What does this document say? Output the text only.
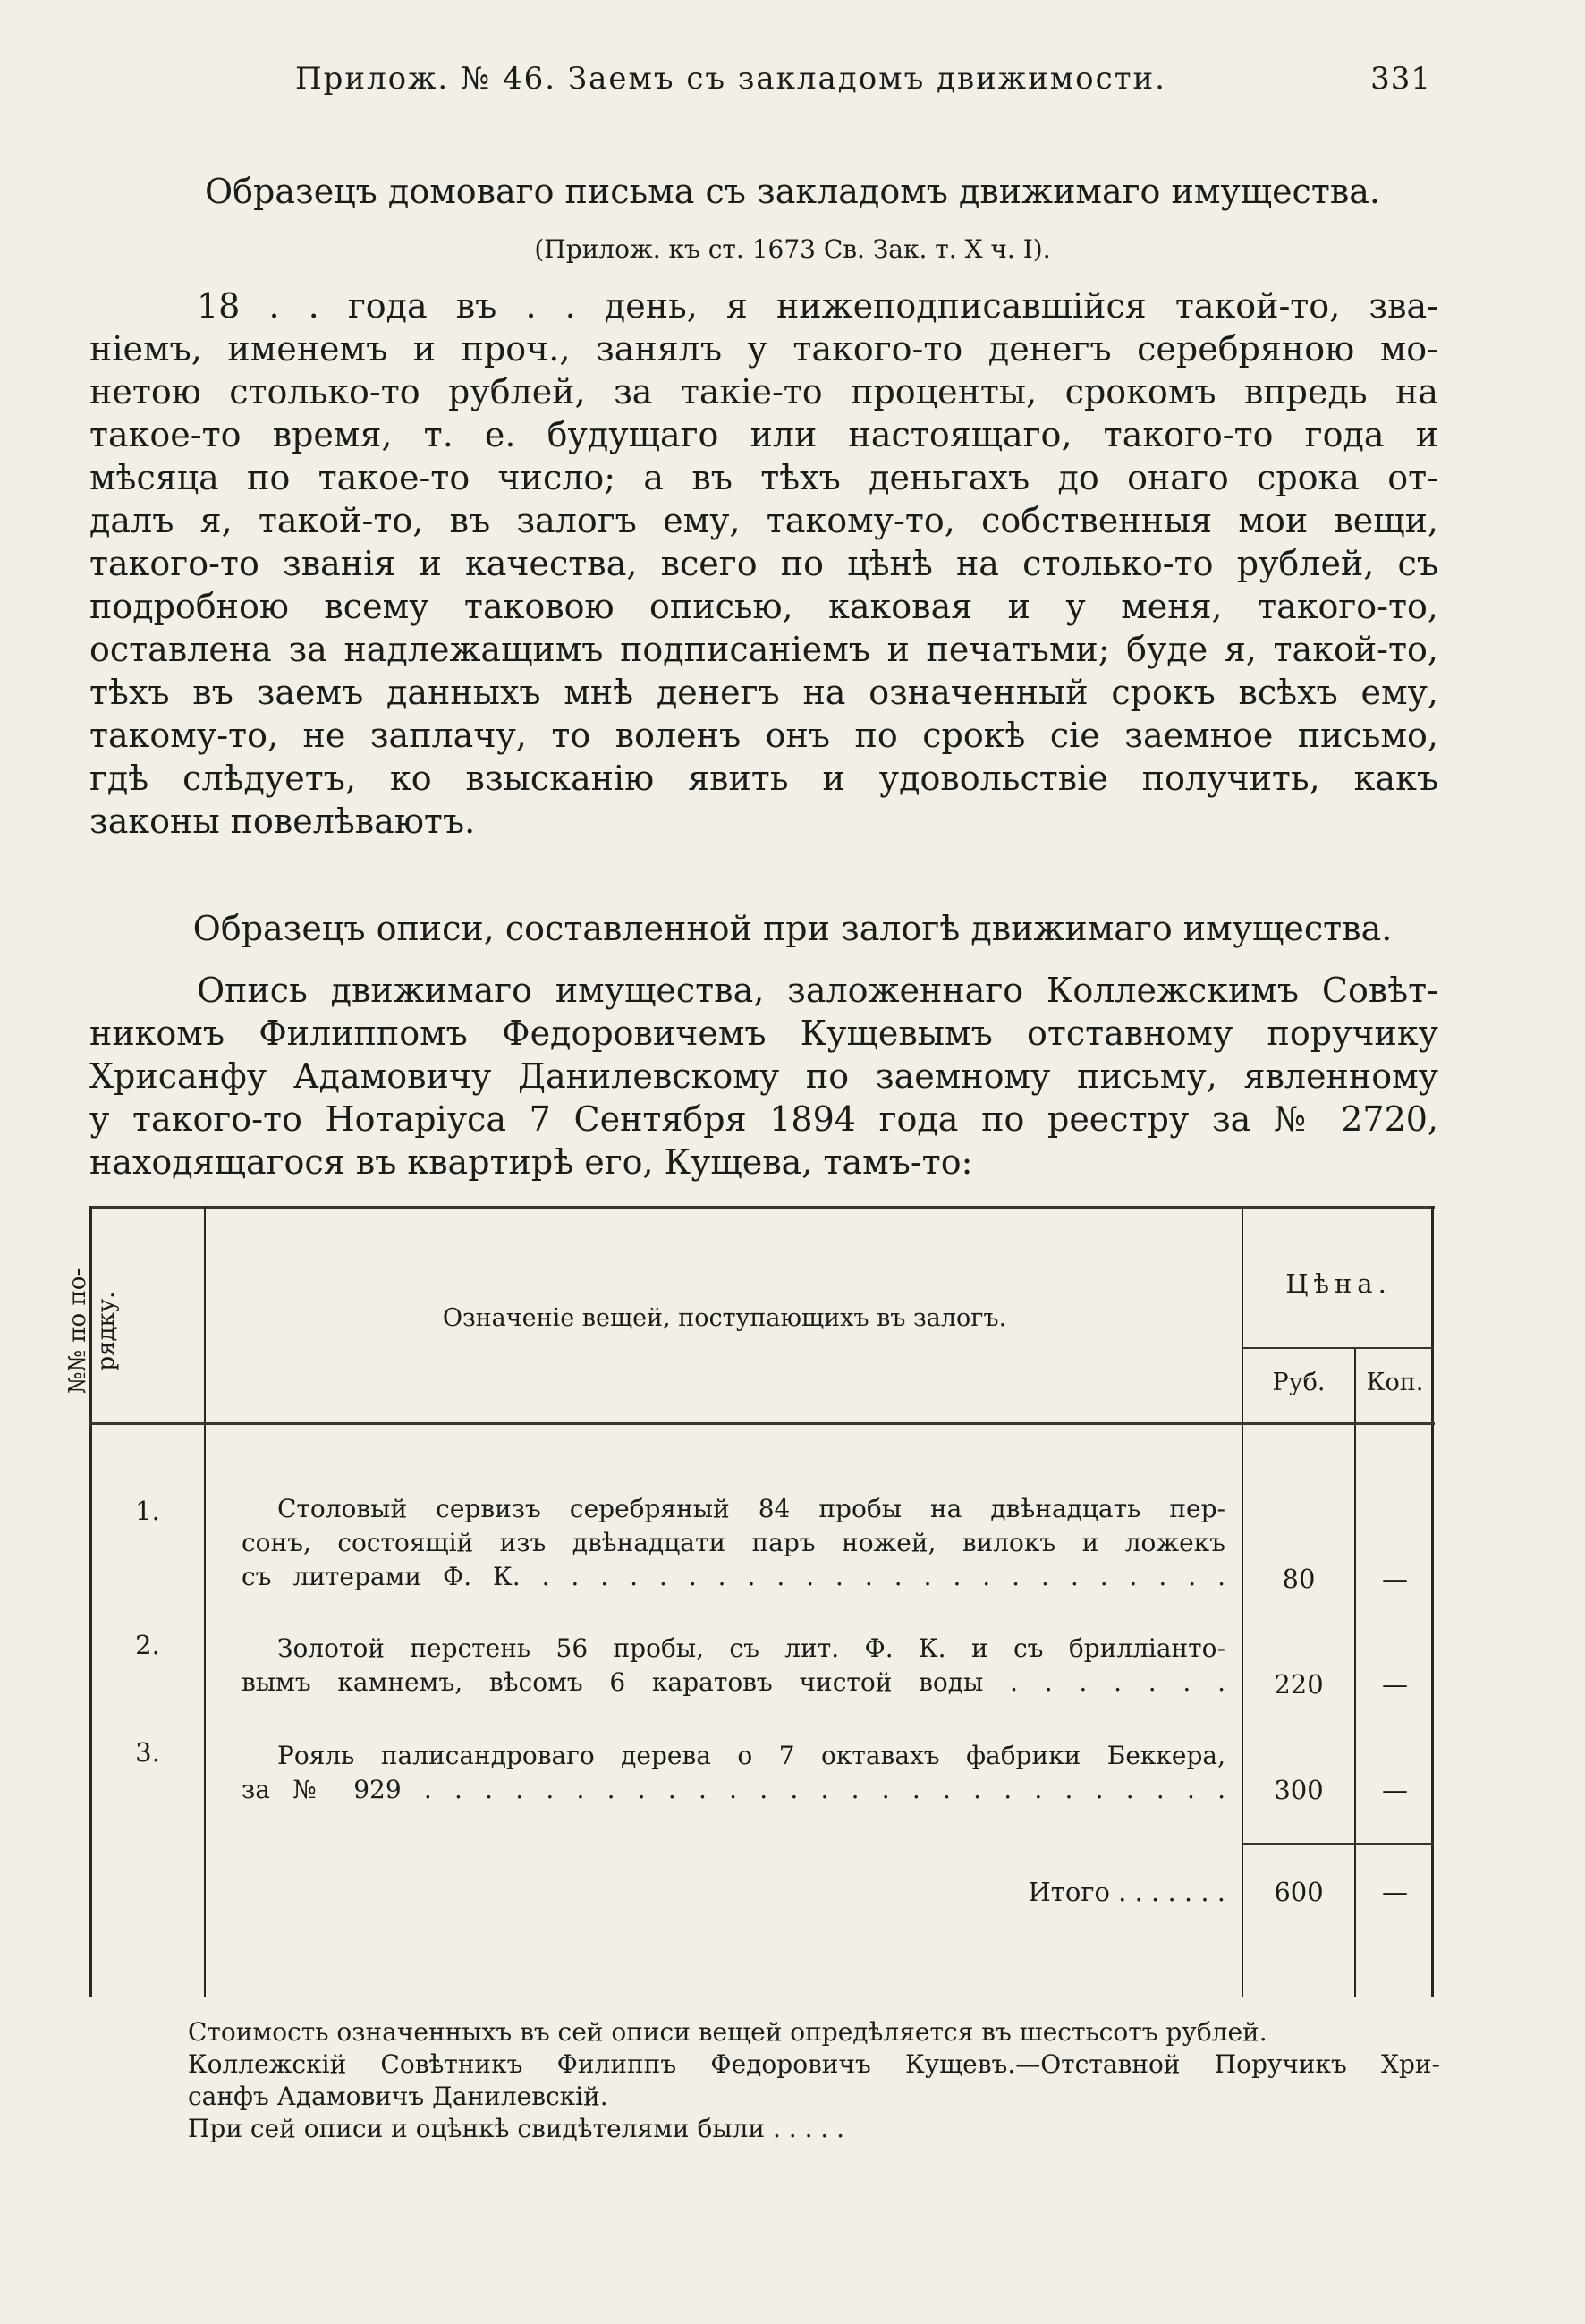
Прилож. № 46. Заемъ съ закладомъ движимости.	331
Образецъ домоваго письма съ закладомъ движимаго имущества.
(Прилож. къ ст. 1673 Св. Зак. т. X ч. I).
18 . . года въ . . день, я нижеподписавшійся такой-то, зва-
ніемъ, именемъ и проч., занялъ у такого-то денегъ серебряною мо-
нетою столько-то рублей, за такіе-то проценты, срокомъ впредь на
такое-то время, т. е. будущаго или настоящаго, такого-то года и
мѣсяца по такое-то число; а въ тѣхъ деньгахъ до онаго срока от-
далъ я, такой-то, въ залогъ ему, такому-то, собственныя мои вещи,
такого-то званія и качества, всего по цѣнѣ на столько-то рублей, съ
подробною всему таковою описью, каковая и у меня, такого-то,
оставлена за надлежащимъ подписаніемъ и печатьми; буде я, такой-то,
тѣхъ въ заемъ данныхъ мнѣ денегъ на означенный срокъ всѣхъ ему,
такому-то, не заплачу, то воленъ онъ по срокѣ сіе заемное письмо,
гдѣ слѣдуетъ, ко взысканію явить и удовольствіе получить, какъ
законы повелѣваютъ.
Образецъ описи, составленной при залогѣ движимаго имущества.
Опись движимаго имущества, заложеннаго Коллежскимъ Совѣт-
никомъ Филиппомъ Федоровичемъ Кущевымъ отставному поручику
Хрисанфу Адамовичу Данилевскому по заемному письму, явленному
у такого-то Нотаріуса 7 Сентября 1894 года по реестру за № 2720,
находящагося въ квартирѣ его, Кущева, тамъ-то:
№№ по по-
рядку.	Означеніе вещей, поступающихъ въ залогъ.
Цѣна.
Руб.	Коп.
1.	Столовый сервизъ серебряный 84 пробы на двѣнадцать пер-
сонъ, состоящій изъ двѣнадцати паръ ножей, вилокъ и ложекъ
съ литерами Ф. К. . . . . . . . . . . . . . . . . . . . . . . . .	80	—
2.	Золотой перстень 56 пробы, съ лит. Ф. К. и съ брилліанто-
вымъ камнемъ, вѣсомъ 6 каратовъ чистой воды . . . . . . .	220	—
3.	Рояль палисандроваго дерева о 7 октавахъ фабрики Беккера,
за № 929 . . . . . . . . . . . . . . . . . . . . . . . . . . .	300	—
Итого . . . . . . .	600	—
Стоимость означенныхъ въ сей описи вещей опредѣляется въ шестьсотъ рублей.
Коллежскій Совѣтникъ Филиппъ Федоровичъ Кущевъ.—Отставной Поручикъ Хри-
санфъ Адамовичъ Данилевскій.
При сей описи и оцѣнкѣ свидѣтелями были . . . . .
